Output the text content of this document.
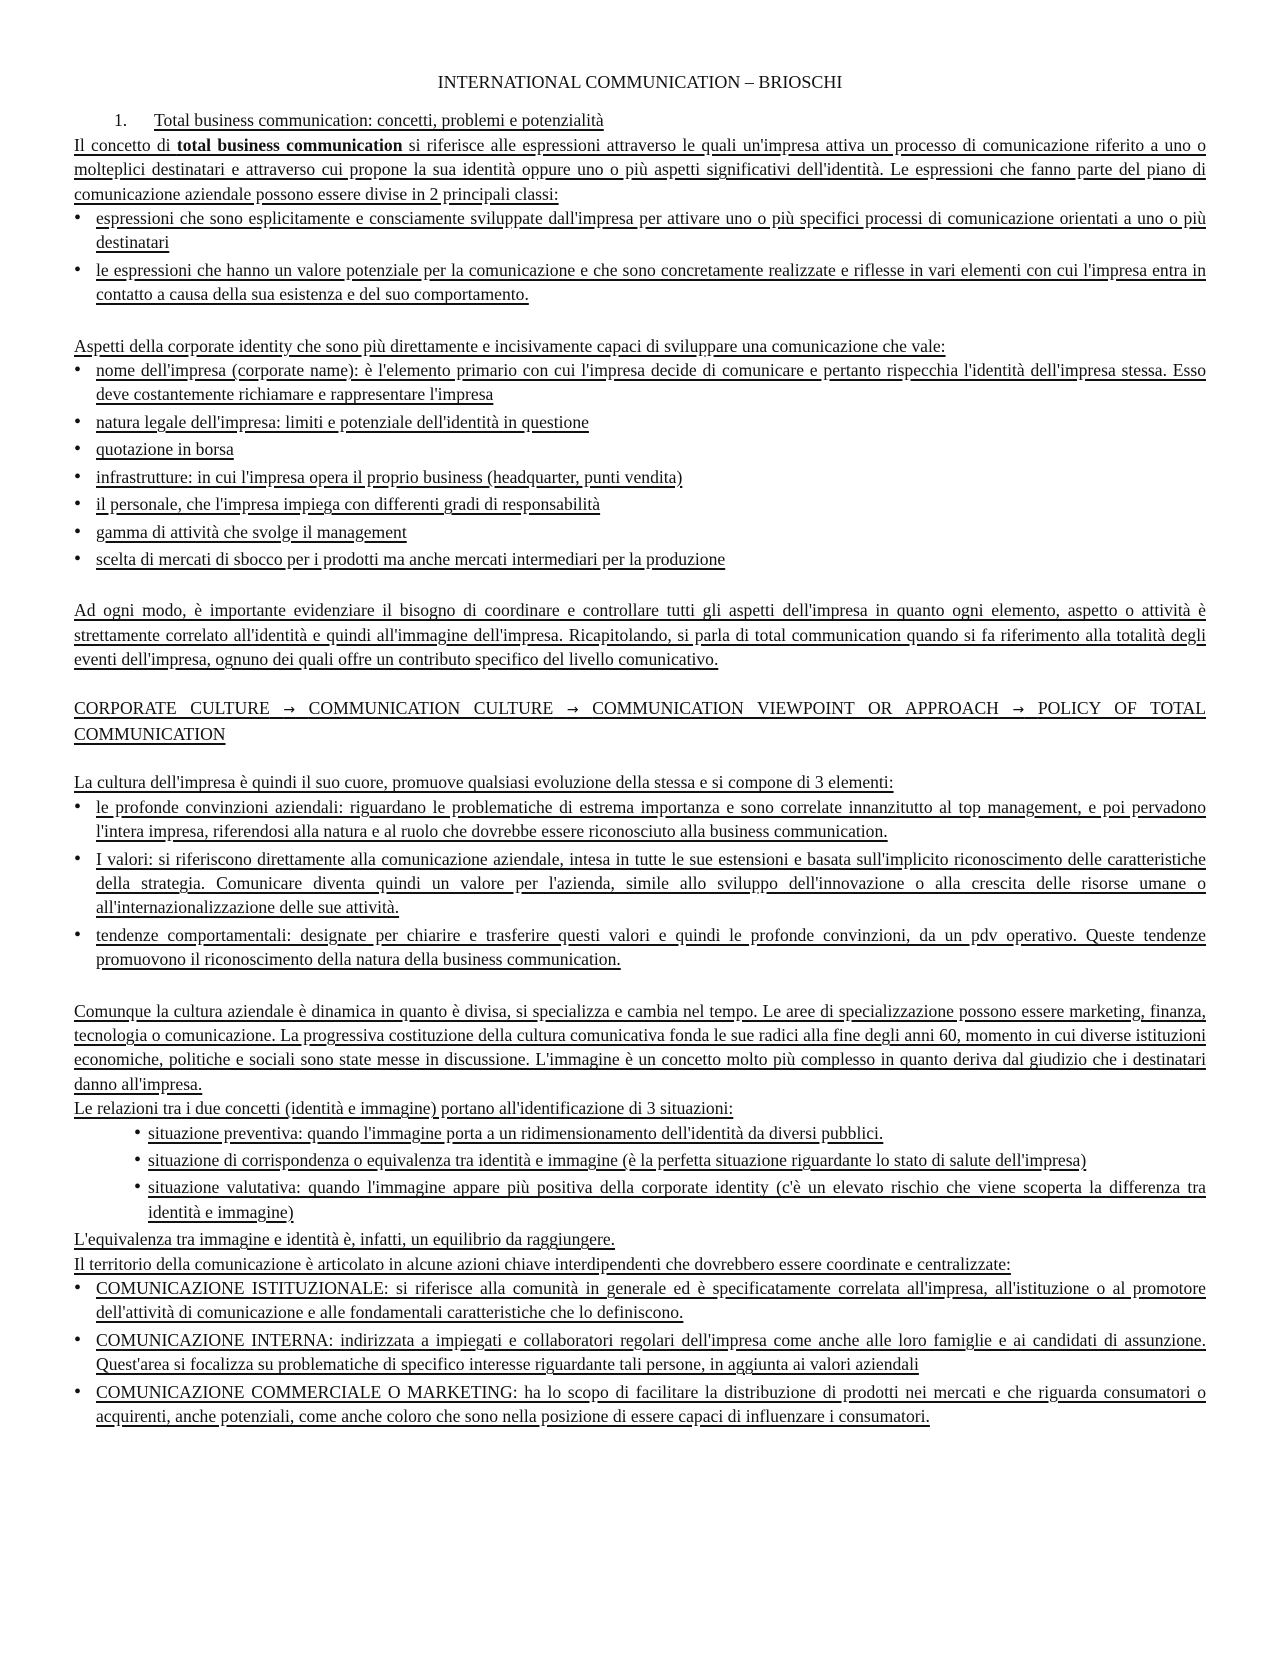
INTERNATIONAL COMMUNICATION – BRIOSCHI
1. Total business communication: concetti, problemi e potenzialità

Il concetto di total business communication si riferisce alle espressioni attraverso le quali un'impresa attiva un processo di comunicazione riferito a uno o molteplici destinatari e attraverso cui propone la sua identità oppure uno o più aspetti significativi dell'identità. Le espressioni che fanno parte del piano di comunicazione aziendale possono essere divise in 2 principali classi:

• espressioni che sono esplicitamente e consciamente sviluppate dall'impresa per attivare uno o più specifici processi di comunicazione orientati a uno o più destinatari
• le espressioni che hanno un valore potenziale per la comunicazione e che sono concretamente realizzate e riflesse in vari elementi con cui l'impresa entra in contatto a causa della sua esistenza e del suo comportamento.

Aspetti della corporate identity che sono più direttamente e incisivamente capaci di sviluppare una comunicazione che vale:

• nome dell'impresa (corporate name): è l'elemento primario con cui l'impresa decide di comunicare e pertanto rispecchia l'identità dell'impresa stessa. Esso deve costantemente richiamare e rappresentare l'impresa
• natura legale dell'impresa: limiti e potenziale dell'identità in questione
• quotazione in borsa
• infrastrutture: in cui l'impresa opera il proprio business (headquarter, punti vendita)
• il personale, che l'impresa impiega con differenti gradi di responsabilità
• gamma di attività che svolge il management
• scelta di mercati di sbocco per i prodotti ma anche mercati intermediari per la produzione

Ad ogni modo, è importante evidenziare il bisogno di coordinare e controllare tutti gli aspetti dell'impresa in quanto ogni elemento, aspetto o attività è strettamente correlato all'identità e quindi all'immagine dell'impresa. Ricapitolando, si parla di total communication quando si fa riferimento alla totalità degli eventi dell'impresa, ognuno dei quali offre un contributo specifico del livello comunicativo.

CORPORATE CULTURE → COMMUNICATION CULTURE → COMMUNICATION VIEWPOINT OR APPROACH → POLICY OF TOTAL COMMUNICATION

La cultura dell'impresa è quindi il suo cuore, promuove qualsiasi evoluzione della stessa e si compone di 3 elementi:

• le profonde convinzioni aziendali: riguardano le problematiche di estrema importanza e sono correlate innanzitutto al top management, e poi pervadono l'intera impresa, riferendosi alla natura e al ruolo che dovrebbe essere riconosciuto alla business communication.
• I valori: si riferiscono direttamente alla comunicazione aziendale, intesa in tutte le sue estensioni e basata sull'implicito riconoscimento delle caratteristiche della strategia. Comunicare diventa quindi un valore per l'azienda, simile allo sviluppo dell'innovazione o alla crescita delle risorse umane o all'internazionalizzazione delle sue attività.
• tendenze comportamentali: designate per chiarire e trasferire questi valori e quindi le profonde convinzioni, da un pdv operativo. Queste tendenze promuovono il riconoscimento della natura della business communication.

Comunque la cultura aziendale è dinamica in quanto è divisa, si specializza e cambia nel tempo. Le aree di specializzazione possono essere marketing, finanza, tecnologia o comunicazione. La progressiva costituzione della cultura comunicativa fonda le sue radici alla fine degli anni 60, momento in cui diverse istituzioni economiche, politiche e sociali sono state messe in discussione. L'immagine è un concetto molto più complesso in quanto deriva dal giudizio che i destinatari danno all'impresa.

Le relazioni tra i due concetti (identità e immagine) portano all'identificazione di 3 situazioni:

• situazione preventiva: quando l'immagine porta a un ridimensionamento dell'identità da diversi pubblici.
• situazione di corrispondenza o equivalenza tra identità e immagine (è la perfetta situazione riguardante lo stato di salute dell'impresa)
• situazione valutativa: quando l'immagine appare più positiva della corporate identity (c'è un elevato rischio che viene scoperta la differenza tra identità e immagine)

L'equivalenza tra immagine e identità è, infatti, un equilibrio da raggiungere.

Il territorio della comunicazione è articolato in alcune azioni chiave interdipendenti che dovrebbero essere coordinate e centralizzate:

• COMUNICAZIONE ISTITUZIONALE: si riferisce alla comunità in generale ed è specificatamente correlata all'impresa, all'istituzione o al promotore dell'attività di comunicazione e alle fondamentali caratteristiche che lo definiscono.
• COMUNICAZIONE INTERNA: indirizzata a impiegati e collaboratori regolari dell'impresa come anche alle loro famiglie e ai candidati di assunzione. Quest'area si focalizza su problematiche di specifico interesse riguardante tali persone, in aggiunta ai valori aziendali
• COMUNICAZIONE COMMERCIALE O MARKETING: ha lo scopo di facilitare la distribuzione di prodotti nei mercati e che riguarda consumatori o acquirenti, anche potenziali, come anche coloro che sono nella posizione di essere capaci di influenzare i consumatori.
